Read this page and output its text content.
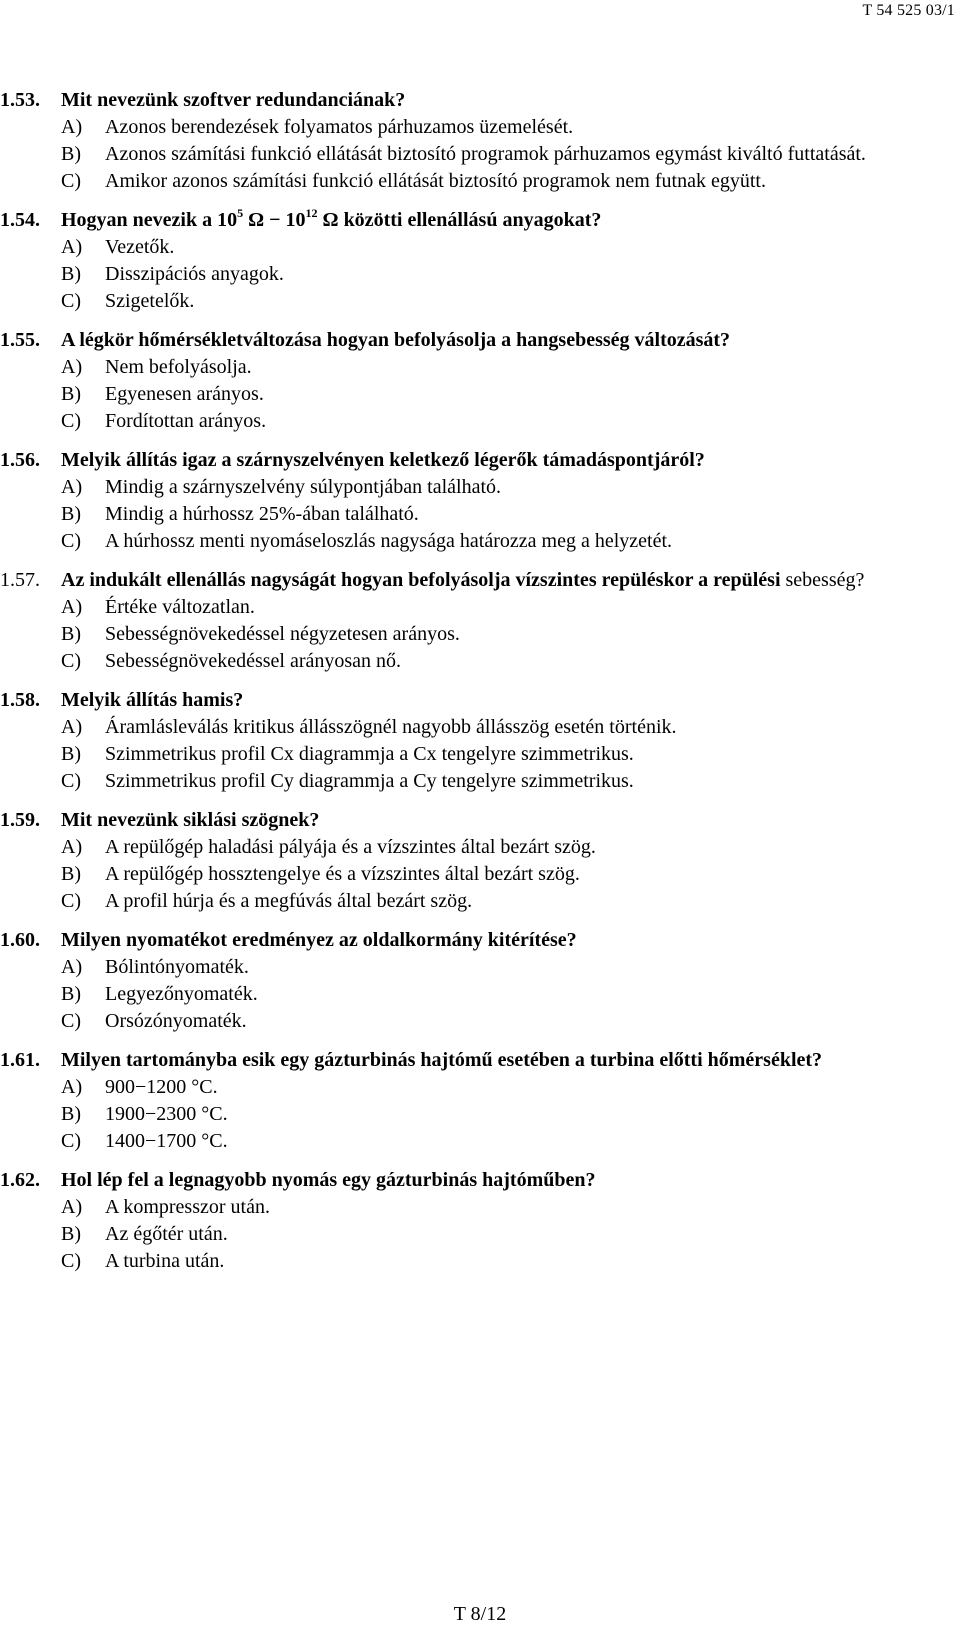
T 54 525 03/1
1.53.	Mit nevezünk szoftver redundanciának?
A)	Azonos berendezések folyamatos párhuzamos üzemelését.
B)	Azonos számítási funkció ellátását biztosító programok párhuzamos egymást kiváltó futtatását.
C)	Amikor azonos számítási funkció ellátását biztosító programok nem futnak együtt.
1.54.	Hogyan nevezik a $10^5$ $\Omega - 10^{12}$ Ω közötti ellenállású anyagokat?
A)	Vezetők.
B)	Disszipációs anyagok.
C)	Szigetelők.
1.55.	A légkör hőmérsékletváltozása hogyan befolyásolja a hangsebesség változását?
A)	Nem befolyásolja.
B)	Egyenesen arányos.
C)	Fordítottan arányos.
1.56.	Melyik állítás igaz a szárnyszelvényen keletkező légerők támadáspontjáról?
A)	Mindig a szárnyszelvény súlypontjában található.
B)	Mindig a húrhossz 25%-ában található.
C)	A húrhossz menti nyomáseloszlás nagysága határozza meg a helyzetét.
1.57.	Az indukált ellenállás nagyságát hogyan befolyásolja vízszintes repüléskor a repülési sebesség?
A)	Értéke változatlan.
B)	Sebességnövekedéssel négyzetesen arányos.
C)	Sebességnövekedéssel arányosan nő.
1.58.	Melyik állítás hamis?
A)	Áramlásleválás kritikus állásszögnél nagyobb állásszög esetén történik.
B)	Szimmetrikus profil Cx diagrammja a Cx tengelyre szimmetrikus.
C)	Szimmetrikus profil Cy diagrammja a Cy tengelyre szimmetrikus.
1.59.	Mit nevezünk siklási szögnek?
A)	A repülőgép haladási pályája és a vízszintes által bezárt szög.
B)	A repülőgép hossztengelye és a vízszintes által bezárt szög.
C)	A profil húrja és a megfúvás által bezárt szög.
1.60.	Milyen nyomatékot eredményez az oldalkormány kitérítése?
A)	Bólintónyomaték.
B)	Legyezőnyomaték.
C)	Orsózónyomaték.
1.61.	Milyen tartományba esik egy gázturbinás hajtómű esetében a turbina előtti hőmérséklet?
A)	900−1200 °C.
B)	1900−2300 °C.
C)	1400−1700 °C.
1.62.	Hol lép fel a legnagyobb nyomás egy gázturbinás hajtóműben?
A)	A kompresszor után.
B)	Az égőtér után.
C)	A turbina után.
T 8/12
